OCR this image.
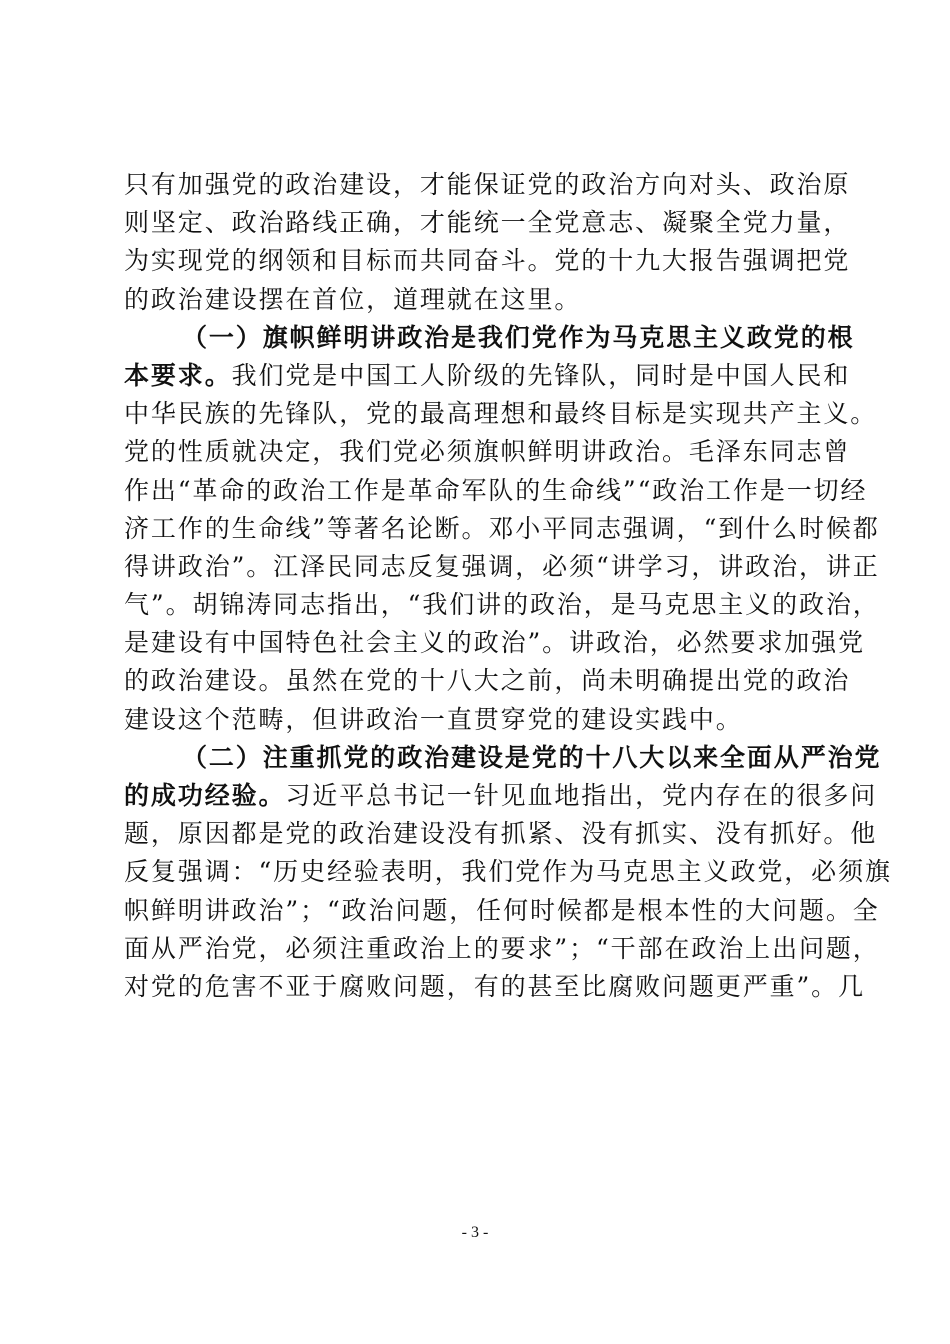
只有加强党的政治建设，才能保证党的政治方向对头、政治原
则坚定、政治路线正确，才能统一全党意志、凝聚全党力量，
为实现党的纲领和目标而共同奋斗。党的十九大报告强调把党
的政治建设摆在首位，道理就在这里。
（一）旗帜鲜明讲政治是我们党作为马克思主义政党的根
本要求。我们党是中国工人阶级的先锋队，同时是中国人民和
中华民族的先锋队，党的最高理想和最终目标是实现共产主义。
党的性质就决定，我们党必须旗帜鲜明讲政治。毛泽东同志曾
作出“革命的政治工作是革命军队的生命线”“政治工作是一切经
济工作的生命线”等著名论断。邓小平同志强调，“到什么时候都
得讲政治”。江泽民同志反复强调，必须“讲学习，讲政治，讲正
气”。胡锦涛同志指出，“我们讲的政治，是马克思主义的政治，
是建设有中国特色社会主义的政治”。讲政治，必然要求加强党
的政治建设。虽然在党的十八大之前，尚未明确提出党的政治
建设这个范畴，但讲政治一直贯穿党的建设实践中。
（二）注重抓党的政治建设是党的十八大以来全面从严治党
的成功经验。习近平总书记一针见血地指出，党内存在的很多问
题，原因都是党的政治建设没有抓紧、没有抓实、没有抓好。他
反复强调：“历史经验表明，我们党作为马克思主义政党，必须旗
帜鲜明讲政治”；“政治问题，任何时候都是根本性的大问题。全
面从严治党，必须注重政治上的要求”；“干部在政治上出问题，
对党的危害不亚于腐败问题，有的甚至比腐败问题更严重”。几
- 3 -
